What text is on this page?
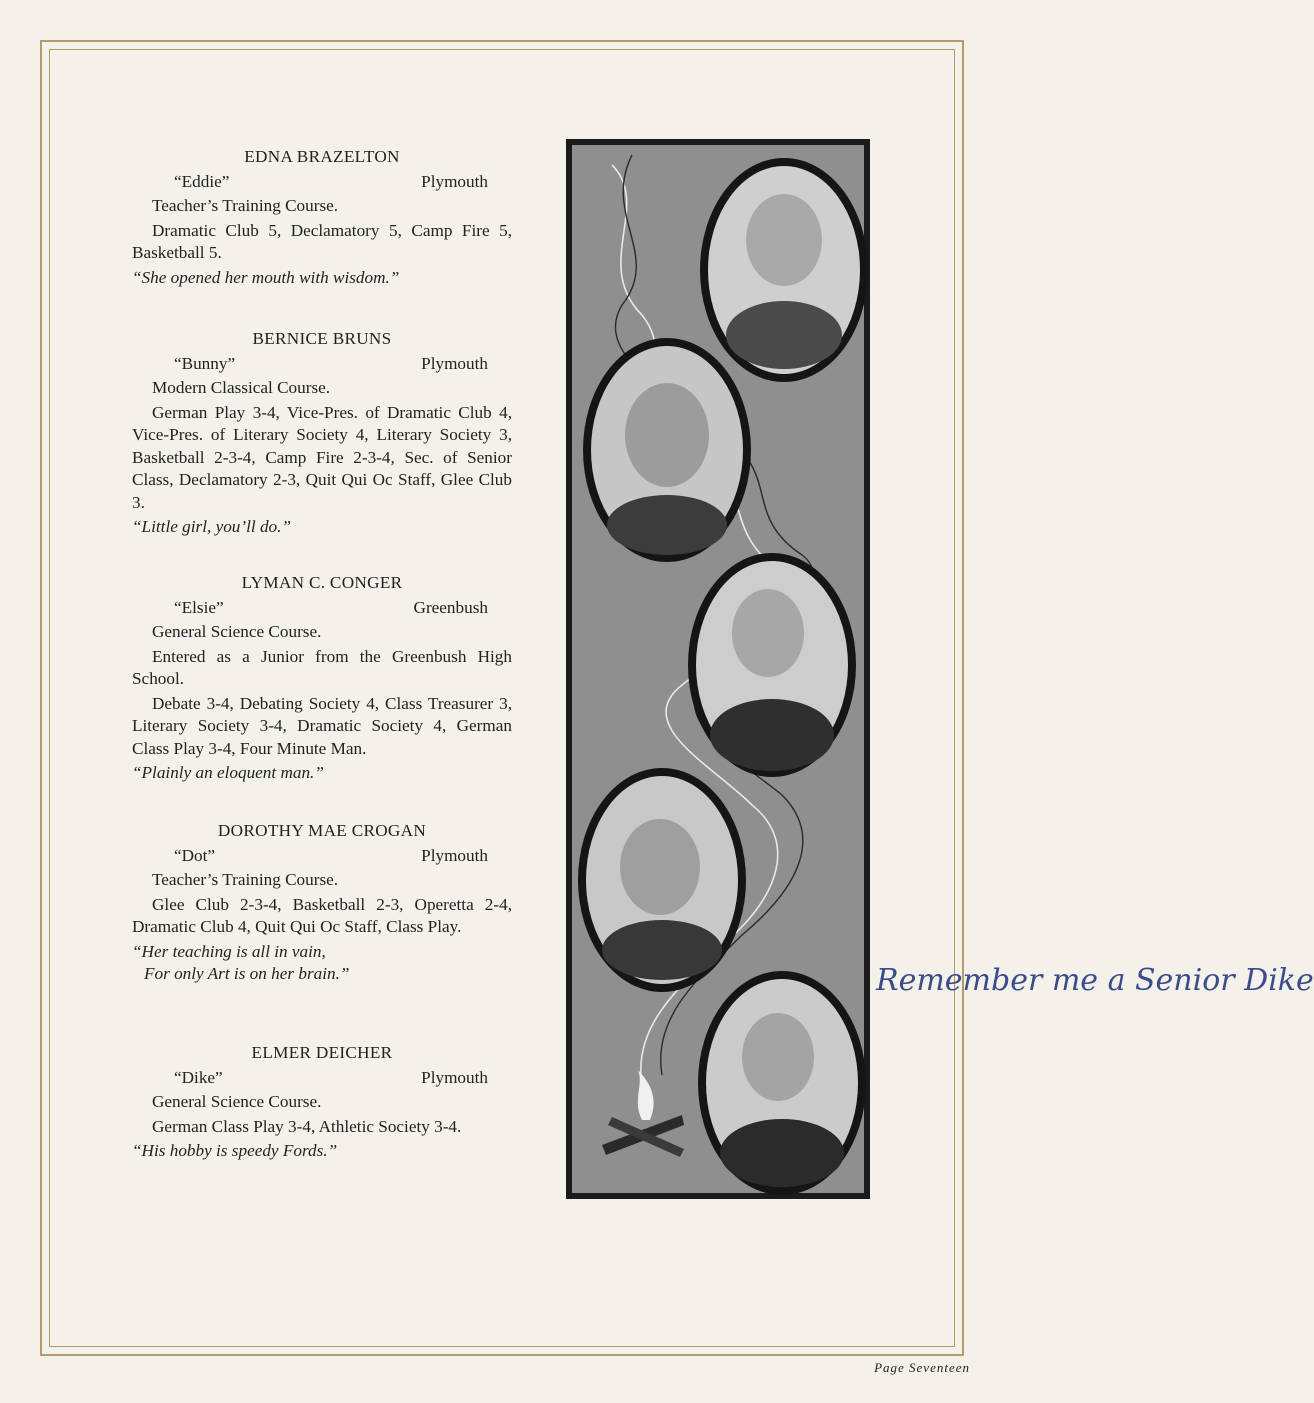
EDNA BRAZELTON
“Eddie”	Plymouth
Teacher’s Training Course.
Dramatic Club 5, Declamatory 5, Camp Fire 5, Basketball 5.
“She opened her mouth with wisdom.”
BERNICE BRUNS
“Bunny”	Plymouth
Modern Classical Course.
German Play 3-4, Vice-Pres. of Dramatic Club 4, Vice-Pres. of Literary Society 4, Literary Society 3, Basketball 2-3-4, Camp Fire 2-3-4, Sec. of Senior Class, Declamatory 2-3, Quit Qui Oc Staff, Glee Club 3.
“Little girl, you’ll do.”
LYMAN C. CONGER
“Elsie”	Greenbush
General Science Course.
Entered as a Junior from the Greenbush High School.
Debate 3-4, Debating Society 4, Class Treasurer 3, Literary Society 3-4, Dramatic Society 4, German Class Play 3-4, Four Minute Man.
“Plainly an eloquent man.”
DOROTHY MAE CROGAN
“Dot”	Plymouth
Teacher’s Training Course.
Glee Club 2-3-4, Basketball 2-3, Operetta 2-4, Dramatic Club 4, Quit Qui Oc Staff, Class Play.
“Her teaching is all in vain,
For only Art is on her brain.”
ELMER DEICHER
“Dike”	Plymouth
General Science Course.
German Class Play 3-4, Athletic Society 3-4.
“His hobby is speedy Fords.”
Remember me a Senior Dike
Page Seventeen
